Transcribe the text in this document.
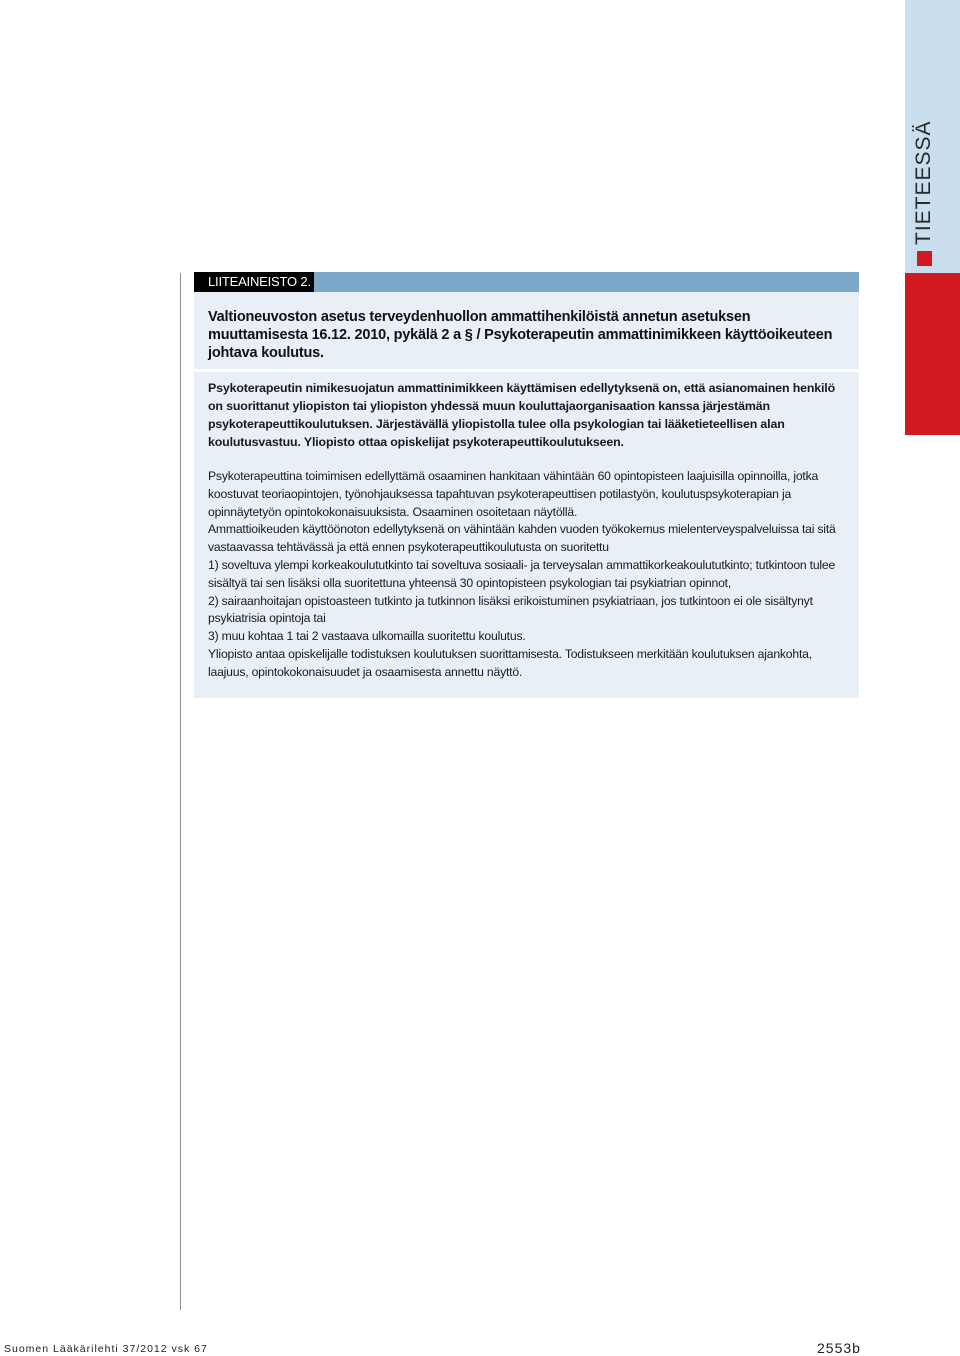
TIETEESSÄ
LIITEAINEISTO 2.
Valtioneuvoston asetus terveydenhuollon ammattihenkilöistä annetun asetuksen muuttamisesta 16.12. 2010, pykälä 2 a § / Psykoterapeutin ammattinimikkeen käyttöoikeuteen johtava koulutus.

Psykoterapeutin nimikesuojatun ammattinimikkeen käyttämisen edellytyksenä on, että asianomainen henkilö on suorittanut yliopiston tai yliopiston yhdessä muun kouluttajaorganisaation kanssa järjestämän psykoterapeuttikoulutuksen. Järjestävällä yliopistolla tulee olla psykologian tai lääketieteellisen alan koulutusvastuu. Yliopisto ottaa opiskelijat psykoterapeuttikoulutukseen.

Psykoterapeuttina toimimisen edellyttämä osaaminen hankitaan vähintään 60 opintopisteen laajuisilla opinnoilla, jotka koostuvat teoriaopintojen, työnohjauksessa tapahtuvan psykoterapeuttisen potilastyön, koulutuspsykoterapian ja opinnäytetyön opintokokonaisuuksista. Osaaminen osoitetaan näytöllä.

Ammattioikeuden käyttöönoton edellytyksenä on vähintään kahden vuoden työkokemus mielenterveyspalveluissa tai sitä vastaavassa tehtävässä ja että ennen psykoterapeuttikoulutusta on suoritettu

1) soveltuva ylempi korkeakoulututkinto tai soveltuva sosiaali- ja terveysalan ammattikorkeakoulututkinto; tutkintoon tulee sisältyä tai sen lisäksi olla suoritettuna yhteensä 30 opintopisteen psykologian tai psykiatrian opinnot,

2) sairaanhoitajan opistoasteen tutkinto ja tutkinnon lisäksi erikoistuminen psykiatriaan, jos tutkintoon ei ole sisältynyt psykiatrisia opintoja tai

3) muu kohtaa 1 tai 2 vastaava ulkomailla suoritettu koulutus.

Yliopisto antaa opiskelijalle todistuksen koulutuksen suorittamisesta. Todistukseen merkitään koulutuksen ajankohta, laajuus, opintokokonaisuudet ja osaamisesta annettu näyttö.

Suomen Lääkärilehti 37/2012 vsk 67	2553b
